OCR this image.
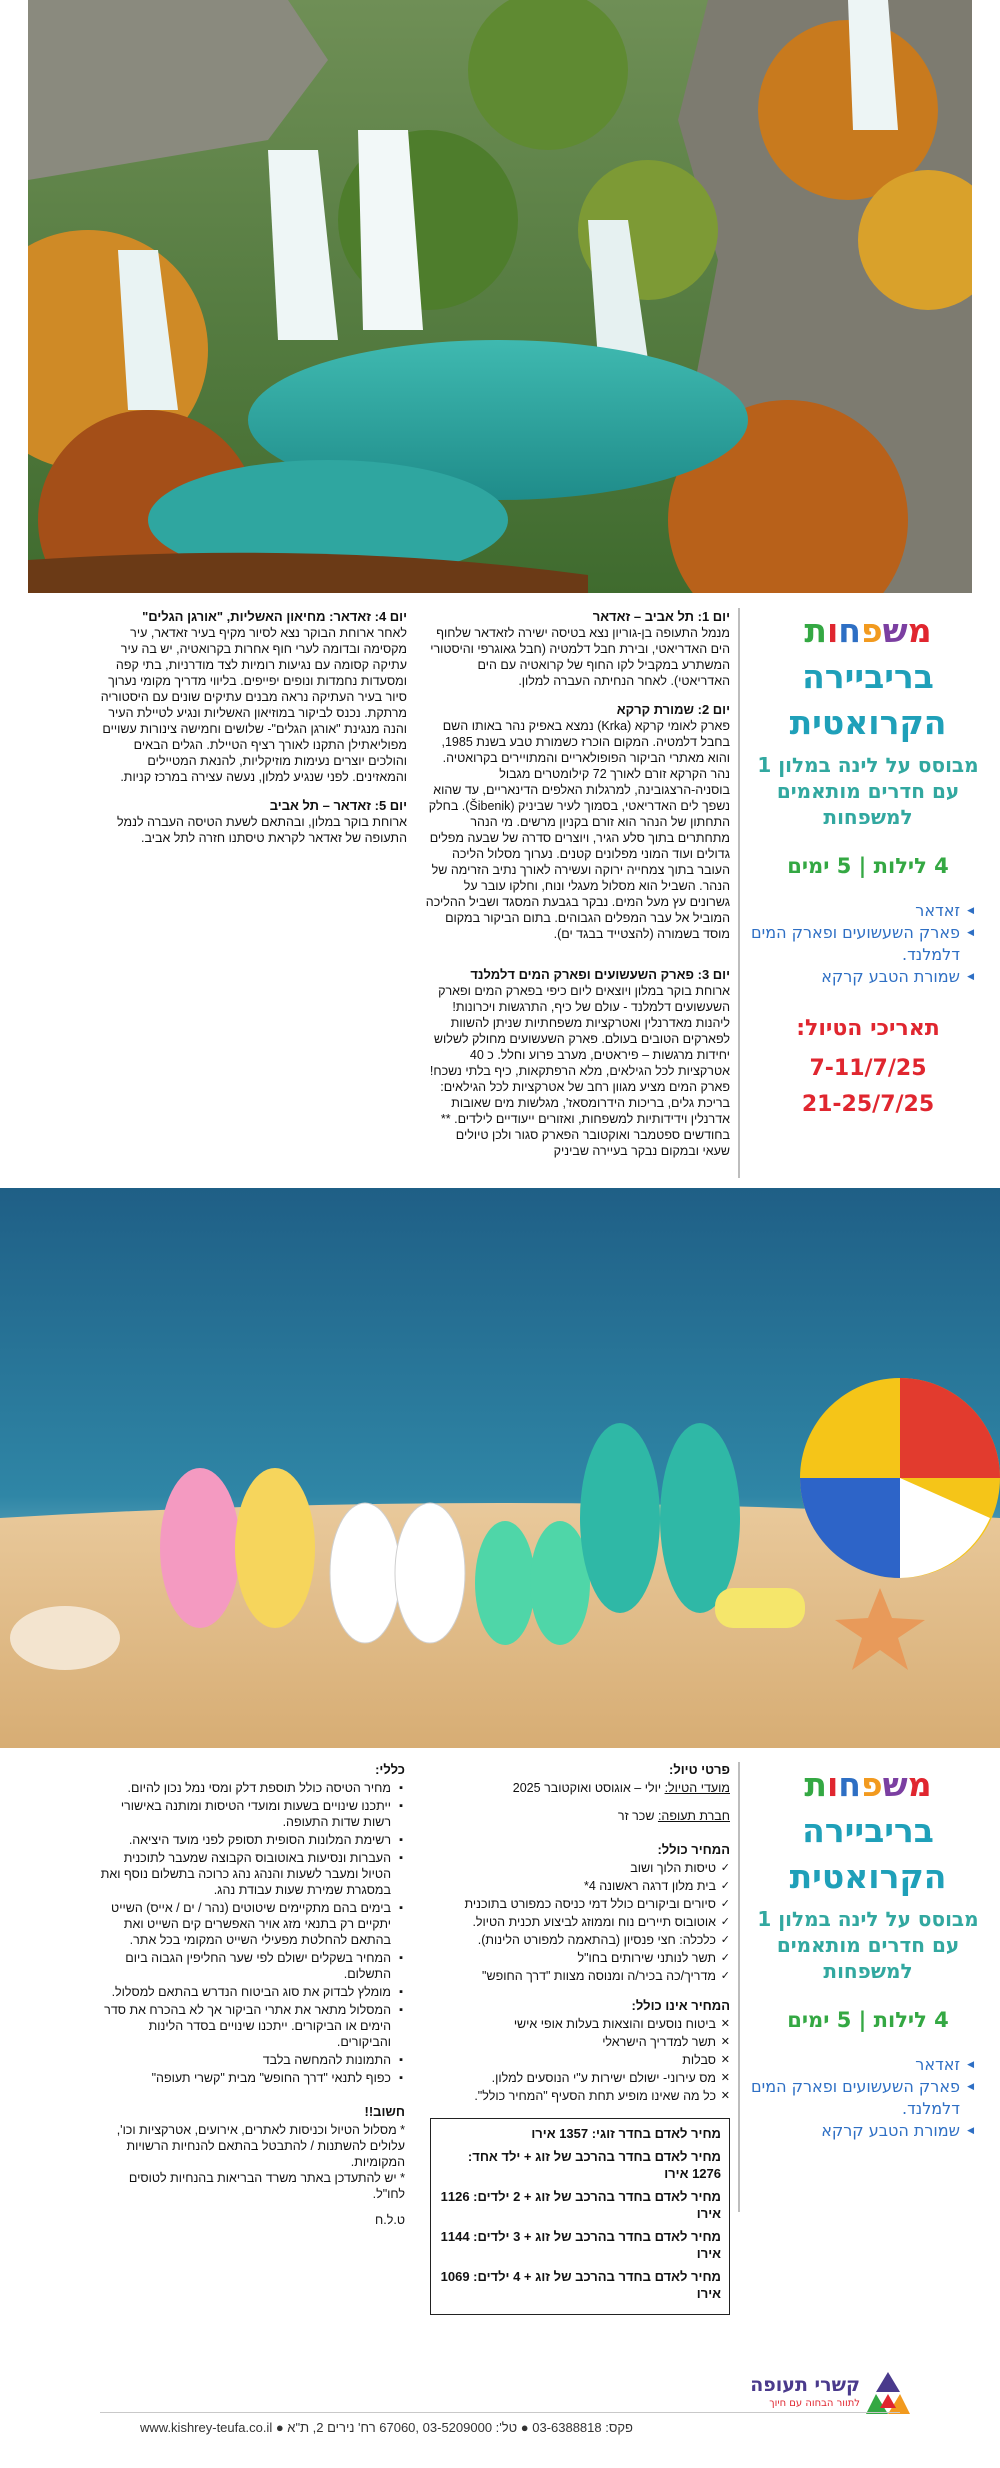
משפחות
בריביירה
הקרואטית
מבוסס על לינה במלון 1 עם חדרים מותאמים למשפחות
4 לילות | 5 ימים
◀ זאדאר
◀ פארק השעשועים ופארק המים דלמלנד.
◀ שמורת הטבע קרקא
תאריכי הטיול:
7-11/7/25
21-25/7/25
יום 1: תל אביב – זאדאר

מנמל התעופה בן-גוריון נצא בטיסה ישירה לזאדאר שלחוף הים האדריאטי, ובירת חבל דלמטיה (חבל גאוגרפי והיסטורי המשתרע במקביל לקו החוף של קרואטיה עם הים האדריאטי). לאחר הנחיתה העברה למלון.

יום 2: שמורת קרקא

פארק לאומי קרקא (Krka) נמצא באפיק נהר באותו השם בחבל דלמטיה. המקום הוכרז כשמורת טבע בשנת 1985, והוא מאתרי הביקור הפופולאריים והמתויירים בקרואטיה. נהר הקרקא זורם לאורך 72 קילומטרים מגבול בוסניה-הרצגובינה, למרגלות האלפים הדינאריים, עד שהוא נשפך לים האדריאטי, בסמוך לעיר שביניק (Šibenik). בחלק התחתון של הנהר הוא זורם בקניון מרשים. מי הנהר מתחתרים בתוך סלע הגיר, ויוצרים סדרה של שבעה מפלים גדולים ועוד המוני מפלונים קטנים. נערוך מסלול הליכה העובר בתוך צמחייה ירוקה ועשירה לאורך נתיב הזרימה של הנהר. השביל הוא מסלול מעגלי ונוח, וחלקו עובר על גשרונים עץ מעל המים. נבקר בגבעת המסגד ושביל ההליכה המוביל אל עבר המפלים הגבוהים. בתום הביקור במקום מוסד בשמורה (להצטייד בבגד ים).

יום 3: פארק השעשועים ופארק המים דלמלנד

ארוחת בוקר במלון ויוצאים ליום כיפי בפארק המים ופארק השעשועים דלמלנד - עולם של כיף, התרגשות ויכרונות! ליהנות מאדרנלין ואטרקציות משפחתיות שניתן להשוות לפארקים הטובים בעולם. פארק השעשועים מחולק לשלוש יחידות מרגשות – פיראטים, מערב פרוע וחלל. כ 40 אטרקציות לכל הגילאים, מלא הרפתקאות, כיף בלתי נשכח! פארק המים מציע מגוון רחב של אטרקציות לכל הגילאים: בריכת גלים, בריכות הידרומסאז', מגלשות מים שאובות אדרנלין וידידותיות למשפחות, ואזורים ייעודיים לילדים. ** בחודשים ספטמבר ואוקטובר הפארק סגור ולכן טיולים שעאי ובמקום נבקר בעיירה שביניק

יום 4: זאדאר: מחיאון האשליות, "אורגן הגלים"

לאחר ארוחת הבוקר נצא לסיור מקיף בעיר זאדאר, עיר מקסימה ובדומה לערי חוף אחרות בקרואטיה, יש בה עיר עתיקה קסומה עם נגיעות רומיות לצד מודרניות, בתי קפה ומסעדות נחמדות ונופים יפייפים. בליווי מדריך מקומי נערוך סיור בעיר העתיקה נראה מבנים עתיקים שונים עם היסטוריה מרתקת. נכנס לביקור במוזיאון האשליות ונגיע לטיילת העיר והנה מנגינת "אורגן הגלים"- שלושים וחמישה צינורות עשויים מפוליאתילן התקנו לאורך רציף הטיילת. הגלים הבאים והולכים יוצרים נעימות מוזיקליות, להנאת המטיילים והמאזינים. לפני שנגיע למלון, נעשה עצירה במרכז קניות.

יום 5: זאדאר – תל אביב

ארוחת בוקר במלון, ובהתאם לשעת הטיסה העברה לנמל התעופה של זאדאר לקראת טיסתנו חזרה לתל אביב.

משפחות
בריביירה
הקרואטית
מבוסס על לינה במלון 1 עם חדרים מותאמים למשפחות
4 לילות | 5 ימים
◀ זאדאר
◀ פארק השעשועים ופארק המים דלמלנד.
◀ שמורת הטבע קרקא
פרטי טיול:

מועדי הטיול: יולי – אוגוסט ואוקטובר 2025

חברת תעופה: שכר זר

המחיר כולל:
✓ טיסות הלוך ושוב
✓ בית מלון דרגה ראשונה 4*
✓ סיורים וביקורים כולל דמי כניסה כמפורט בתוכנית
✓ אוטובוס תיירים נוח וממוזג לביצוע תכנית הטיול.
✓ כלכלה: חצי פנסיון (בהתאמה למפורט הלינות).
✓ תשר לנותני שירותים בחו"ל
✓ מדריך/כה בכיר/ה ומנוסה מצוות "דרך החופש"
המחיר אינו כולל:
✕ ביטוח נוסעים והוצאות בעלות אופי אישי
✕ תשר למדריך הישראלי
✕ סבלות
✕ מס עירוני- ישולם ישירות ע"י הנוסעים למלון.
✕ כל מה שאינו מופיע תחת הסעיף "המחיר כולל".

מחיר לאדם בחדר זוגי: 1357 אירו

מחיר לאדם בחדר בהרכב של זוג + ילד אחד: 1276 אירו

מחיר לאדם בחדר בהרכב של זוג + 2 ילדים: 1126 אירו

מחיר לאדם בחדר בהרכב של זוג + 3 ילדים: 1144 אירו

מחיר לאדם בחדר בהרכב של זוג + 4 ילדים: 1069 אירו

כללי:
▪ מחיר הטיסה כולל תוספת דלק ומסי נמל נכון להיום.
▪ ייתכנו שינויים בשעות ומועדי הטיסות ומותנה באישורי רשות שדות התעופה.
▪ רשימת המלונות הסופית תסופק לפני מועד היציאה.
▪ העברות ונסיעות באוטובוס הקבוצה שמעבר לתוכנית הטיול ומעבר לשעות והנהג נהג כרוכה בתשלום נוסף ואת במסגרת שמירת שעות עבודת נהג.
▪ בימים בהם מתקיימים שיטוטים (נהר / ים / אייס) השייט יתקיים רק בתנאי מזג אויר האפשרים קים השייט ואת בהתאם להחלטת מפעילי השייט המקומי בכל אתר.
▪ המחיר בשקלים ישולם לפי שער החליפין הגבוה ביום התשלום.
▪ מומלץ לבדוק את סוג הביטוח הנדרש בהתאם למסלול.
▪ המסלול מתאר את אתרי הביקור אך לא בהכרח את סדר הימים או הביקורים. ייתכנו שינויים בסדר הלינות והביקורים.
▪ התמונות להמחשה בלבד
▪ כפוף לתנאי "דרך החופש" מבית "קשרי תעופה"
חשוב!!

* מסלול הטיול וכניסות לאתרים, אירועים, אטרקציות וכו', עלולים להשתנות / להתבטל בהתאם להנחיות הרשויות המקומיות.

* יש להתעדכן באתר משרד הבריאות בהנחיות לטוסים לחו"ל.

ט.ל.ח

קשרי תעופה
לתוור הבחוה עם חיוך
www.kishrey-teufa.co.il ● פקס: 03-6388818 ● טל': 03-5209000 ,67060 רח' נירים 2, ת"א
